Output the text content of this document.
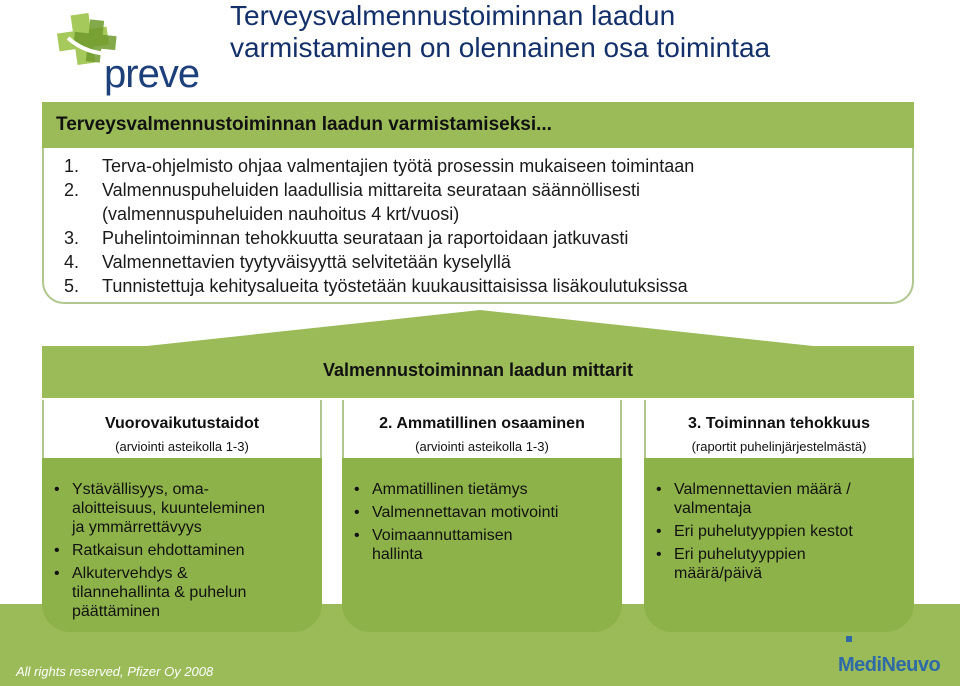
preve
Terveysvalmennustoiminnan laadun
varmistaminen on olennainen osa toimintaa
Terveysvalmennustoiminnan laadun varmistamiseksi...
1.	Terva-ohjelmisto ohjaa valmentajien työtä prosessin mukaiseen toimintaan
2.	Valmennuspuheluiden laadullisia mittareita seurataan säännöllisesti
(valmennuspuheluiden nauhoitus 4 krt/vuosi)
3.	Puhelintoiminnan tehokkuutta seurataan ja raportoidaan jatkuvasti
4.	Valmennettavien tyytyväisyyttä selvitetään kyselyllä
5.	Tunnistettuja kehitysalueita työstetään kuukausittaisissa lisäkoulutuksissa
Valmennustoiminnan laadun mittarit
Vuorovaikutustaidot
(arviointi asteikolla 1-3)
• Ystävällisyys, oma-
aloitteisuus, kuunteleminen
ja ymmärrettävyys
• Ratkaisun ehdottaminen
• Alkutervehdys &
tilannehallinta & puhelun
päättäminen
2. Ammatillinen osaaminen
(arviointi asteikolla 1-3)
• Ammatillinen tietämys
• Valmennettavan motivointi
• Voimaannuttamisen
hallinta
3. Toiminnan tehokkuus
(raportit puhelinjärjestelmästä)
• Valmennettavien määrä /
valmentaja
• Eri puhelutyyppien kestot
• Eri puhelutyyppien
määrä/päivä
All rights reserved, Pfizer Oy 2008	MediNeuvo
